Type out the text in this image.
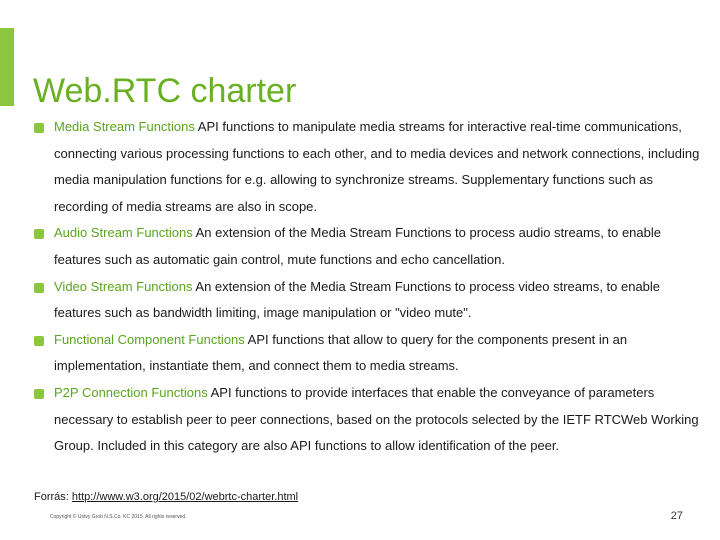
Web.RTC charter
Media Stream Functions API functions to manipulate media streams for interactive real-time communications, connecting various processing functions to each other, and to media devices and network connections, including media manipulation functions for e.g. allowing to synchronize streams. Supplementary functions such as recording of media streams are also in scope.
Audio Stream Functions An extension of the Media Stream Functions to process audio streams, to enable features such as automatic gain control, mute functions and echo cancellation.
Video Stream Functions An extension of the Media Stream Functions to process video streams, to enable features such as bandwidth limiting, image manipulation or "video mute".
Functional Component Functions API functions that allow to query for the components present in an implementation, instantiate them, and connect them to media streams.
P2P Connection Functions API functions to provide interfaces that enable the conveyance of parameters necessary to establish peer to peer connections, based on the protocols selected by the IETF RTCWeb Working Group. Included in this category are also API functions to allow identification of the peer.
Forrás: http://www.w3.org/2015/02/webrtc-charter.html
Copyright © Ustvy Grob N.S.Co. KC 2015. All rights reserved.	27
